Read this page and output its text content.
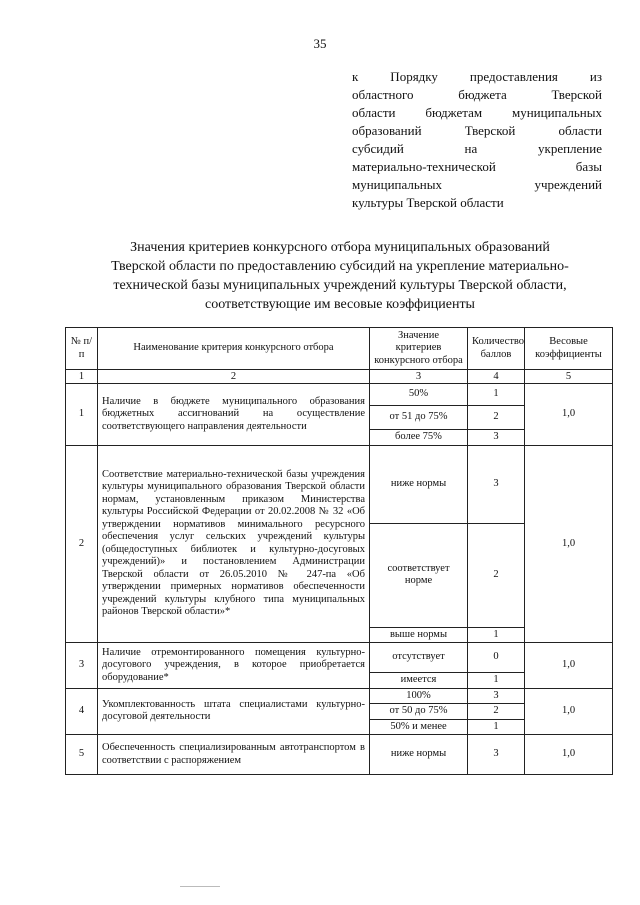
35
к Порядку предоставления из
областного бюджета Тверской
области бюджетам муниципальных
образований Тверской области
субсидий на укрепление
материально-технической базы
муниципальных учреждений
культуры Тверской области
Значения критериев конкурсного отбора муниципальных образований
Тверской области по предоставлению субсидий на укрепление материально-
технической базы муниципальных учреждений культуры Тверской области,
соответствующие им весовые коэффициенты
№ п/п	Наименование критерия конкурсного отбора	Значение критериев конкурсного отбора	Количество баллов	Весовые коэффициенты
1	2	3	4	5
1	Наличие в бюджете муниципального образования бюджетных ассигнований на осуществление соответствующего направления деятельности	50%	1	1,0
		от 51 до 75%	2	
		более 75%	3	
2	Соответствие материально-технической базы учреждения культуры муниципального образования Тверской области нормам, установленным приказом Министерства культуры Российской Федерации от 20.02.2008 № 32 «Об утверждении нормативов минимального ресурсного обеспечения услуг сельских учреждений культуры (общедоступных библиотек и культурно-досуговых учреждений)» и постановлением Администрации Тверской области от 26.05.2010 № 247-па «Об утверждении примерных нормативов обеспеченности учреждений культуры клубного типа муниципальных районов Тверской области»*	ниже нормы	3	1,0
		соответствует норме	2	
		выше нормы	1	
3	Наличие отремонтированного помещения культурно-досугового учреждения, в которое приобретается оборудование*	отсутствует	0	1,0
		имеется	1	
4	Укомплектованность штата специалистами культурно-досуговой деятельности	100%	3	1,0
		от 50 до 75%	2	
		50% и менее	1	
5	Обеспеченность специализированным автотранспортом в соответствии с распоряжением	ниже нормы	3	1,0
